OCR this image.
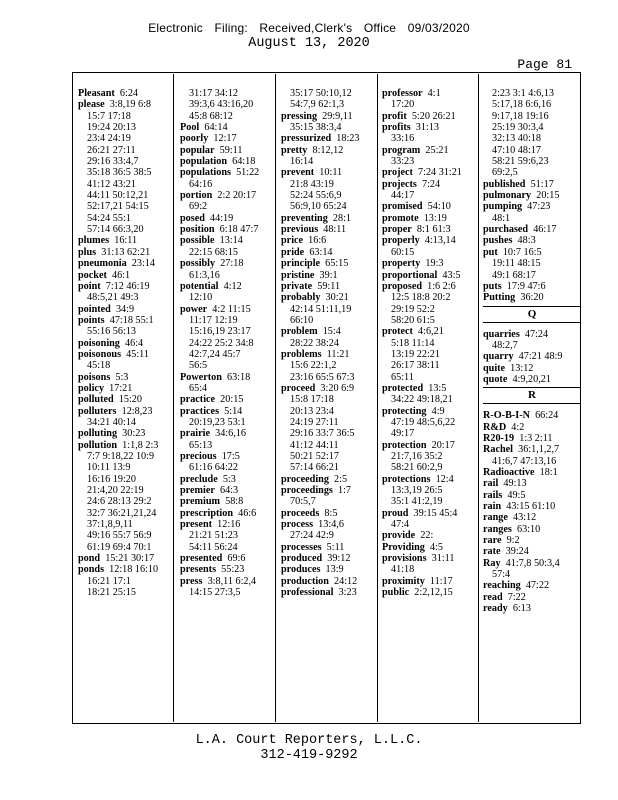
Electronic Filing: Received,Clerk's Office 09/03/2020
August 13, 2020
Page 81
Pleasant 6:24
please 3:8,19 6:8
15:7 17:18
19:24 20:13
23:4 24:19
26:21 27:11
29:16 33:4,7
35:18 36:5 38:5
41:12 43:21
44:11 50:12,21
52:17,21 54:15
54:24 55:1
57:14 66:3,20
plumes 16:11
plus 31:13 62:21
pneumonia 23:14
pocket 46:1
point 7:12 46:19
48:5,21 49:3
pointed 34:9
points 47:18 55:1
55:16 56:13
poisoning 46:4
poisonous 45:11
45:18
poisons 5:3
policy 17:21
polluted 15:20
polluters 12:8,23
34:21 40:14
polluting 30:23
pollution 1:1,8 2:3
7:7 9:18,22 10:9
10:11 13:9
16:16 19:20
21:4,20 22:19
24:6 28:13 29:2
32:7 36:21,21,24
37:1,8,9,11
49:16 55:7 56:9
61:19 69:4 70:1
pond 15:21 30:17
ponds 12:18 16:10
16:21 17:1
18:21 25:15
31:17 34:12
39:3,6 43:16,20
45:8 68:12
Pool 64:14
poorly 12:17
popular 59:11
population 64:18
populations 51:22
64:16
portion 2:2 20:17
69:2
posed 44:19
position 6:18 47:7
possible 13:14
22:15 68:15
possibly 27:18
61:3,16
potential 4:12
12:10
power 4:2 11:15
11:17 12:19
15:16,19 23:17
24:22 25:2 34:8
42:7,24 45:7
56:5
Powerton 63:18
65:4
practice 20:15
practices 5:14
20:19,23 53:1
prairie 34:6,16
65:13
precious 17:5
61:16 64:22
preclude 5:3
premier 64:3
premium 58:8
prescription 46:6
present 12:16
21:21 51:23
54:11 56:24
presented 69:6
presents 55:23
press 3:8,11 6:2,4
14:15 27:3,5
35:17 50:10,12
54:7,9 62:1,3
pressing 29:9,11
35:15 38:3,4
pressurized 18:23
pretty 8:12,12
16:14
prevent 10:11
21:8 43:19
52:24 55:6,9
56:9,10 65:24
preventing 28:1
previous 48:11
price 16:6
pride 63:14
principle 65:15
pristine 39:1
private 59:11
probably 30:21
42:14 51:11,19
66:10
problem 15:4
28:22 38:24
problems 11:21
15:6 22:1,2
23:16 65:5 67:3
proceed 3:20 6:9
15:8 17:18
20:13 23:4
24:19 27:11
29:16 33:7 36:5
41:12 44:11
50:21 52:17
57:14 66:21
proceeding 2:5
proceedings 1:7
70:5,7
proceeds 8:5
process 13:4,6
27:24 42:9
processes 5:11
produced 39:12
produces 13:9
production 24:12
professional 3:23
professor 4:1
17:20
profit 5:20 26:21
profits 31:13
33:16
program 25:21
33:23
project 7:24 31:21
projects 7:24
44:17
promised 54:10
promote 13:19
proper 8:1 61:3
properly 4:13,14
60:15
property 19:3
proportional 43:5
proposed 1:6 2:6
12:5 18:8 20:2
29:19 52:2
58:20 61:5
protect 4:6,21
5:18 11:14
13:19 22:21
26:17 38:11
65:11
protected 13:5
34:22 49:18,21
protecting 4:9
47:19 48:5,6,22
49:17
protection 20:17
21:7,16 35:2
58:21 60:2,9
protections 12:4
13:3,19 26:5
35:1 41:2,19
proud 39:15 45:4
47:4
provide 22:
Providing 4:5
provisions 31:11
41:18
proximity 11:17
public 2:2,12,15
2:23 3:1 4:6,13
5:17,18 6:6,16
9:17,18 19:16
25:19 30:3,4
32:13 40:18
47:10 48:17
58:21 59:6,23
69:2,5
published 51:17
pulmonary 20:15
pumping 47:23
48:1
purchased 46:17
pushes 48:3
put 10:7 16:5
19:11 48:15
49:1 68:17
puts 17:9 47:6
Putting 36:20
Q
quarries 47:24
48:2,7
quarry 47:21 48:9
quite 13:12
quote 4:9,20,21
R
R-O-B-I-N 66:24
R&D 4:2
R20-19 1:3 2:11
Rachel 36:1,1,2,7
41:6,7 47:13,16
Radioactive 18:1
rail 49:13
rails 49:5
rain 43:15 61:10
range 43:12
ranges 63:10
rare 9:2
rate 39:24
Ray 41:7,8 50:3,4
57:4
reaching 47:22
read 7:22
ready 6:13
L.A. Court Reporters, L.L.C.
312-419-9292
